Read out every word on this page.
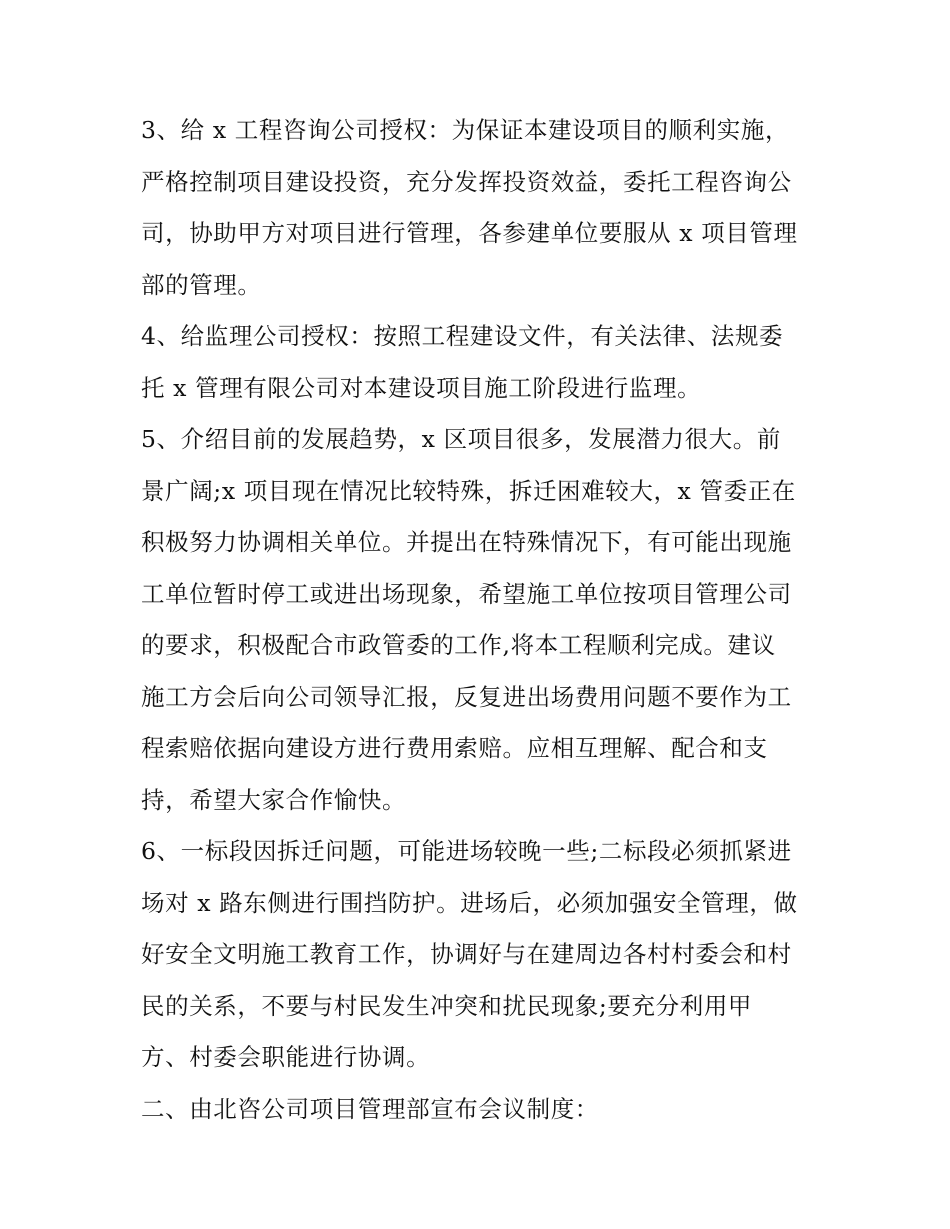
3、给 x 工程咨询公司授权：为保证本建设项目的顺利实施，

严格控制项目建设投资，充分发挥投资效益，委托工程咨询公

司，协助甲方对项目进行管理，各参建单位要服从 x 项目管理

部的管理。

4、给监理公司授权：按照工程建设文件，有关法律、法规委

托 x 管理有限公司对本建设项目施工阶段进行监理。

5、介绍目前的发展趋势，x 区项目很多，发展潜力很大。前

景广阔;x 项目现在情况比较特殊，拆迁困难较大，x 管委正在

积极努力协调相关单位。并提出在特殊情况下，有可能出现施

工单位暂时停工或进出场现象，希望施工单位按项目管理公司

的要求，积极配合市政管委的工作,将本工程顺利完成。建议

施工方会后向公司领导汇报，反复进出场费用问题不要作为工

程索赔依据向建设方进行费用索赔。应相互理解、配合和支

持，希望大家合作愉快。

6、一标段因拆迁问题，可能进场较晚一些;二标段必须抓紧进

场对 x 路东侧进行围挡防护。进场后，必须加强安全管理，做

好安全文明施工教育工作，协调好与在建周边各村村委会和村

民的关系，不要与村民发生冲突和扰民现象;要充分利用甲

方、村委会职能进行协调。

二、由北咨公司项目管理部宣布会议制度：
